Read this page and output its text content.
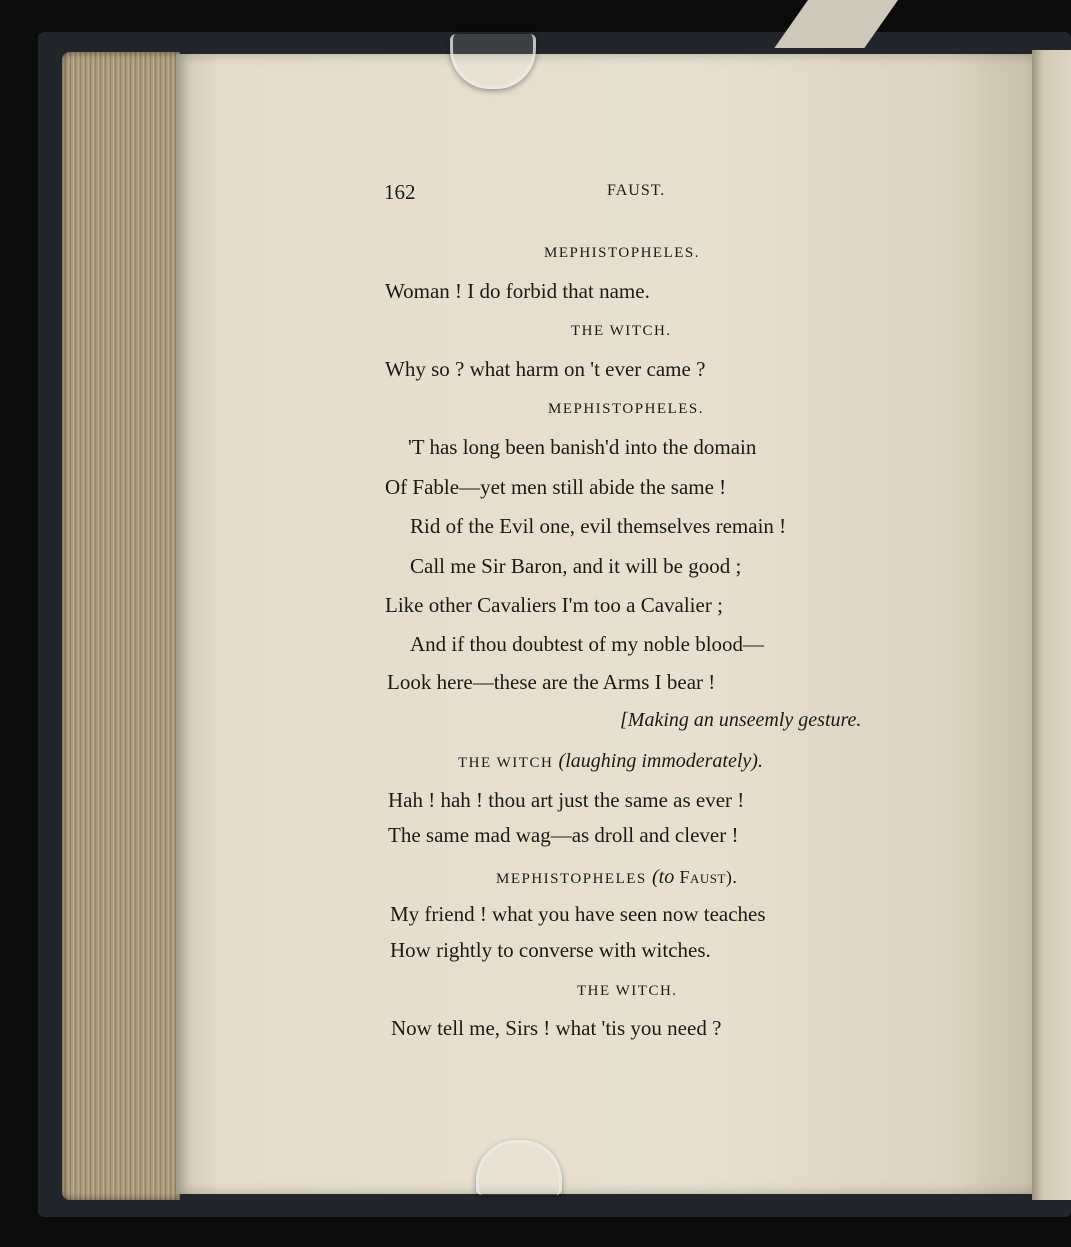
162	FAUST.
MEPHISTOPHELES.
Woman ! I do forbid that name.
THE WITCH.
Why so ? what harm on 't ever came ?
MEPHISTOPHELES.
'T has long been banish'd into the domain
Of Fable—yet men still abide the same !
Rid of the Evil one, evil themselves remain !
Call me Sir Baron, and it will be good ;
Like other Cavaliers I'm too a Cavalier ;
And if thou doubtest of my noble blood—
Look here—these are the Arms I bear !
[Making an unseemly gesture.
THE WITCH (laughing immoderately).
Hah ! hah ! thou art just the same as ever !
The same mad wag—as droll and clever !
MEPHISTOPHELES (to Faust).
My friend ! what you have seen now teaches
How rightly to converse with witches.
THE WITCH.
Now tell me, Sirs ! what 'tis you need ?
